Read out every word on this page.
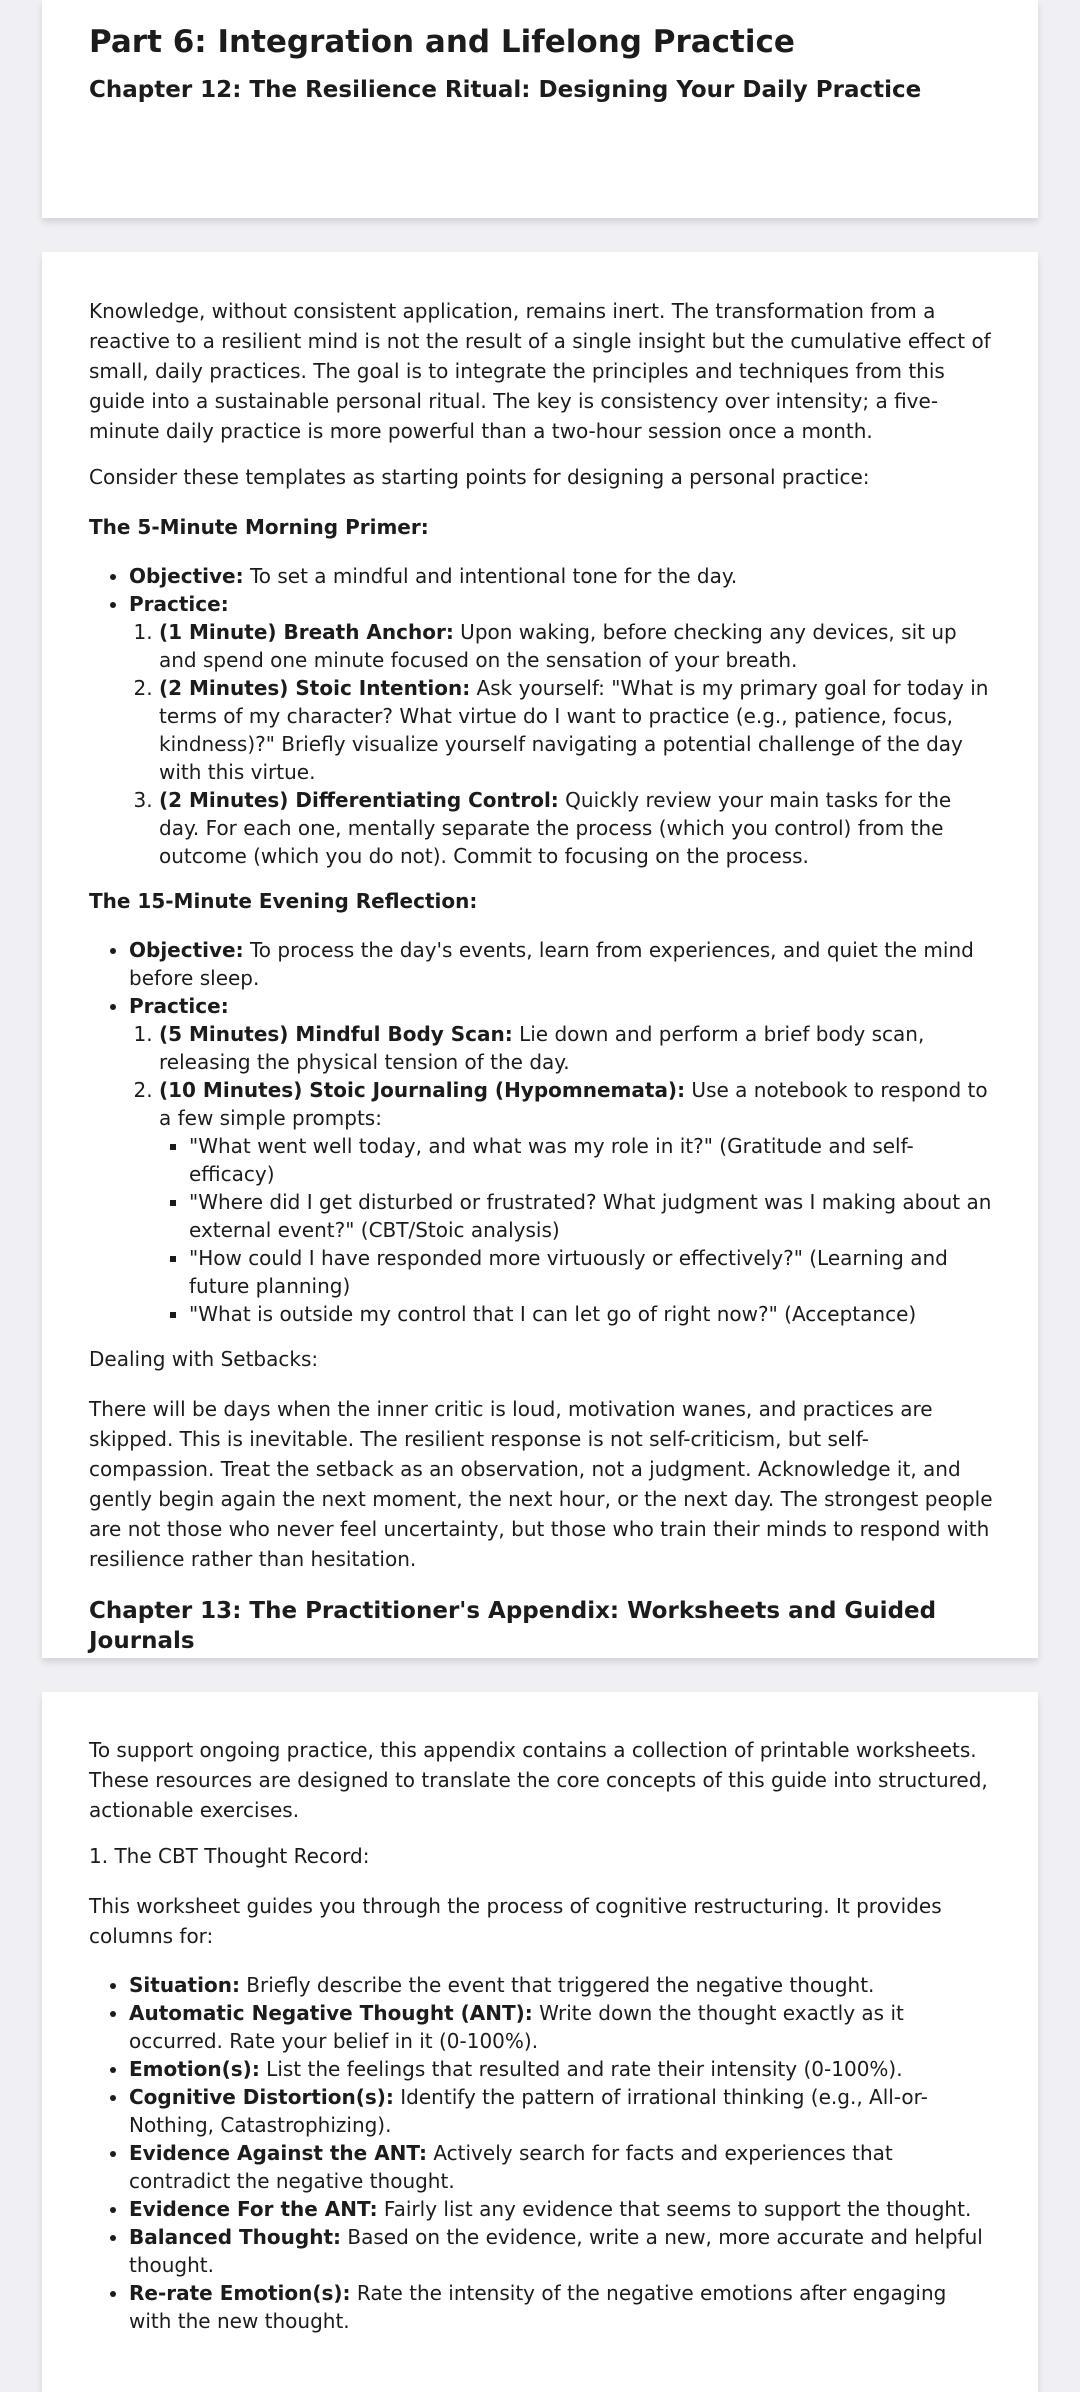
Part 6: Integration and Lifelong Practice
Chapter 12: The Resilience Ritual: Designing Your Daily Practice

Knowledge, without consistent application, remains inert. The transformation from a reactive to a resilient mind is not the result of a single insight but the cumulative effect of small, daily practices. The goal is to integrate the principles and techniques from this guide into a sustainable personal ritual. The key is consistency over intensity; a five-minute daily practice is more powerful than a two-hour session once a month.

Consider these templates as starting points for designing a personal practice:

The 5-Minute Morning Primer:

• Objective: To set a mindful and intentional tone for the day.
• Practice:
1. (1 Minute) Breath Anchor: Upon waking, before checking any devices, sit up and spend one minute focused on the sensation of your breath.
2. (2 Minutes) Stoic Intention: Ask yourself: "What is my primary goal for today in terms of my character? What virtue do I want to practice (e.g., patience, focus, kindness)?" Briefly visualize yourself navigating a potential challenge of the day with this virtue.
3. (2 Minutes) Differentiating Control: Quickly review your main tasks for the day. For each one, mentally separate the process (which you control) from the outcome (which you do not). Commit to focusing on the process.

The 15-Minute Evening Reflection:

• Objective: To process the day's events, learn from experiences, and quiet the mind before sleep.
• Practice:
1. (5 Minutes) Mindful Body Scan: Lie down and perform a brief body scan, releasing the physical tension of the day.
2. (10 Minutes) Stoic Journaling (Hypomnemata): Use a notebook to respond to a few simple prompts:
▪ "What went well today, and what was my role in it?" (Gratitude and self-efficacy)
▪ "Where did I get disturbed or frustrated? What judgment was I making about an external event?" (CBT/Stoic analysis)
▪ "How could I have responded more virtuously or effectively?" (Learning and future planning)
▪ "What is outside my control that I can let go of right now?" (Acceptance)

Dealing with Setbacks:

There will be days when the inner critic is loud, motivation wanes, and practices are skipped. This is inevitable. The resilient response is not self-criticism, but self-compassion. Treat the setback as an observation, not a judgment. Acknowledge it, and gently begin again the next moment, the next hour, or the next day. The strongest people are not those who never feel uncertainty, but those who train their minds to respond with resilience rather than hesitation.

Chapter 13: The Practitioner's Appendix: Worksheets and Guided Journals

To support ongoing practice, this appendix contains a collection of printable worksheets. These resources are designed to translate the core concepts of this guide into structured, actionable exercises.

1. The CBT Thought Record:

This worksheet guides you through the process of cognitive restructuring. It provides columns for:

• Situation: Briefly describe the event that triggered the negative thought.
• Automatic Negative Thought (ANT): Write down the thought exactly as it occurred. Rate your belief in it (0-100%).
• Emotion(s): List the feelings that resulted and rate their intensity (0-100%).
• Cognitive Distortion(s): Identify the pattern of irrational thinking (e.g., All-or-Nothing, Catastrophizing).
• Evidence Against the ANT: Actively search for facts and experiences that contradict the negative thought.
• Evidence For the ANT: Fairly list any evidence that seems to support the thought.
• Balanced Thought: Based on the evidence, write a new, more accurate and helpful thought.
• Re-rate Emotion(s): Rate the intensity of the negative emotions after engaging with the new thought.
